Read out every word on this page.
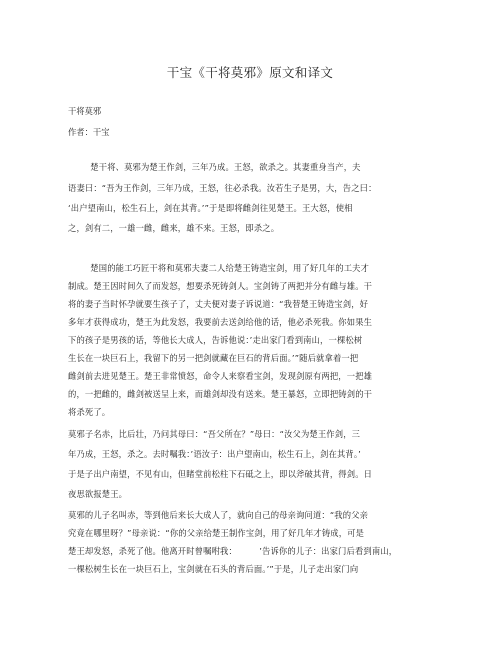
干宝《干将莫邪》原文和译文
干将莫邪
作者：干宝
楚干将、莫邪为楚王作剑，三年乃成。王怒，欲杀之。其妻重身当产，夫
语妻曰：“吾为王作剑，三年乃成，王怒，往必杀我。汝若生子是男，大，告之曰：
‘出户望南山，松生石上，剑在其背。’”于是即将雌剑往见楚王。王大怒，使相
之，剑有二，一雄一雌，雌来，雄不来。王怒，即杀之。
楚国的能工巧匠干将和莫邪夫妻二人给楚王铸造宝剑，用了好几年的工夫才
制成。楚王因时间久了而发怒，想要杀死铸剑人。宝剑铸了两把并分有雌与雄。干
将的妻子当时怀孕就要生孩子了，丈夫便对妻子诉说道：“我替楚王铸造宝剑，好
多年才获得成功，楚王为此发怒，我要前去送剑给他的话，他必杀死我。你如果生
下的孩子是男孩的话，等他长大成人，告诉他说：’走出家门看到南山，一棵松树
生长在一块巨石上，我留下的另一把剑就藏在巨石的背后面。’”随后就拿着一把
雌剑前去进见楚王。楚王非常愤怒，命令人来察看宝剑，发现剑原有两把，一把雄
的，一把雌的，雌剑被送呈上来，而雄剑却没有送来。楚王暴怒，立即把铸剑的干
将杀死了。
莫邪子名赤，比后壮，乃问其母曰：“吾父所在？”母曰：“汝父为楚王作剑，三
年乃成，王怒，杀之。去时嘱我：’语汝子：出户望南山，松生石上，剑在其背。’
于是子出户南望，不见有山，但睹堂前松柱下石砥之上，即以斧破其背，得剑。日
夜思欲报楚王。
莫邪的儿子名叫赤，等到他后来长大成人了，就向自己的母亲询问道：“我的父亲
究竟在哪里呀？”母亲说：“你的父亲给楚王制作宝剑，用了好几年才铸成，可是
楚王却发怒，杀死了他。他离开时曾嘱咐我：        ’告诉你的儿子：出家门后看到南山，
一棵松树生长在一块巨石上，宝剑就在石头的背后面。’”于是，儿子走出家门向
